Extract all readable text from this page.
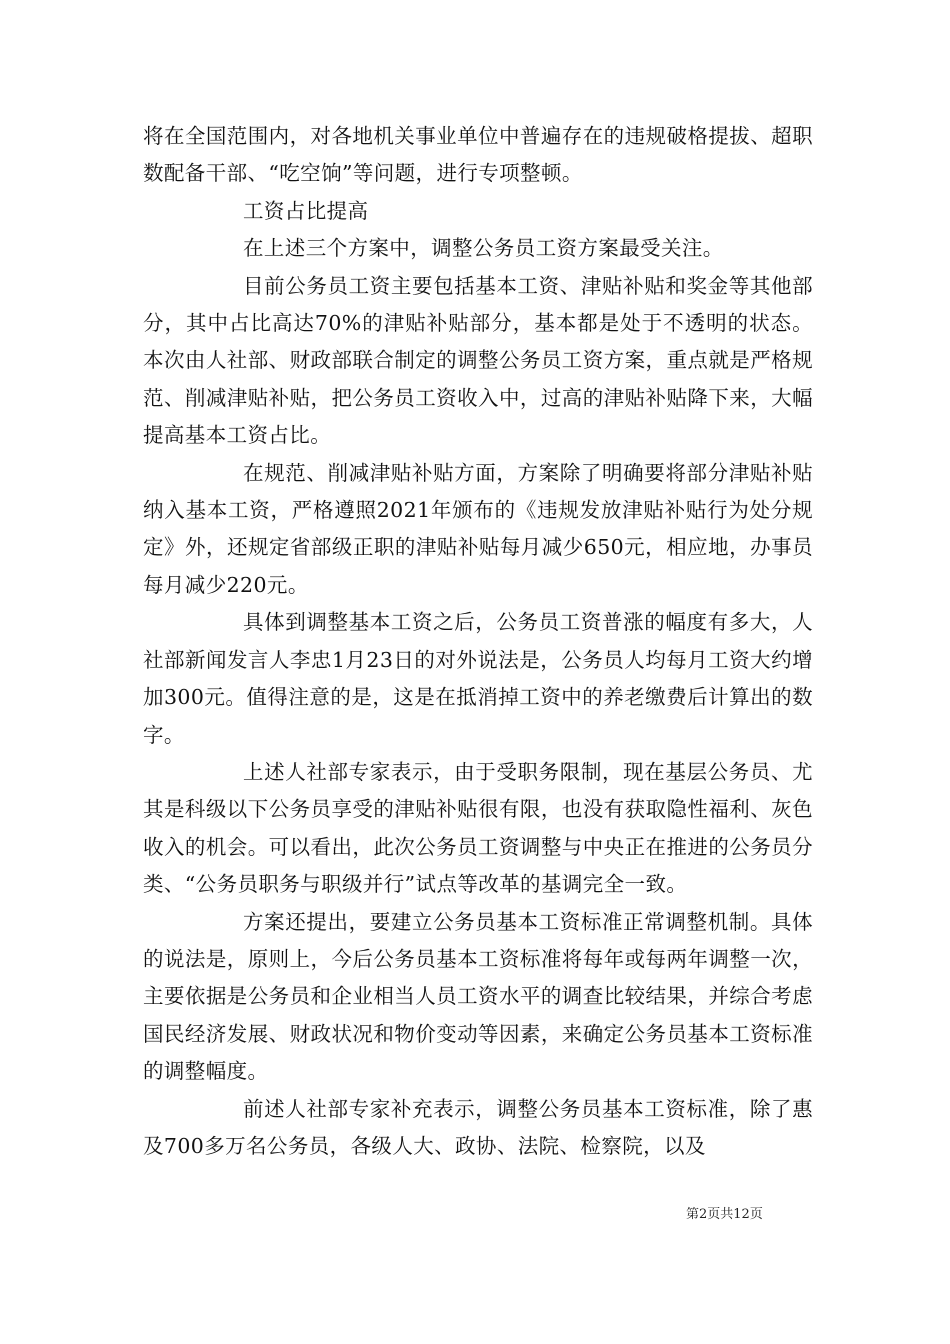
将在全国范围内，对各地机关事业单位中普遍存在的违规破格提拔、超职数配备干部、“吃空饷”等问题，进行专项整顿。

工资占比提高

在上述三个方案中，调整公务员工资方案最受关注。

目前公务员工资主要包括基本工资、津贴补贴和奖金等其他部分，其中占比高达70%的津贴补贴部分，基本都是处于不透明的状态。本次由人社部、财政部联合制定的调整公务员工资方案，重点就是严格规范、削减津贴补贴，把公务员工资收入中，过高的津贴补贴降下来，大幅提高基本工资占比。

在规范、削减津贴补贴方面，方案除了明确要将部分津贴补贴纳入基本工资，严格遵照2021年颁布的《违规发放津贴补贴行为处分规定》外，还规定省部级正职的津贴补贴每月减少650元，相应地，办事员每月减少220元。

具体到调整基本工资之后，公务员工资普涨的幅度有多大，人社部新闻发言人李忠1月23日的对外说法是，公务员人均每月工资大约增加300元。值得注意的是，这是在抵消掉工资中的养老缴费后计算出的数字。

上述人社部专家表示，由于受职务限制，现在基层公务员、尤其是科级以下公务员享受的津贴补贴很有限，也没有获取隐性福利、灰色收入的机会。可以看出，此次公务员工资调整与中央正在推进的公务员分类、“公务员职务与职级并行”试点等改革的基调完全一致。

方案还提出，要建立公务员基本工资标准正常调整机制。具体的说法是，原则上，今后公务员基本工资标准将每年或每两年调整一次，主要依据是公务员和企业相当人员工资水平的调查比较结果，并综合考虑国民经济发展、财政状况和物价变动等因素，来确定公务员基本工资标准的调整幅度。

前述人社部专家补充表示，调整公务员基本工资标准，除了惠及700多万名公务员，各级人大、政协、法院、检察院，以及

第2页共12页
